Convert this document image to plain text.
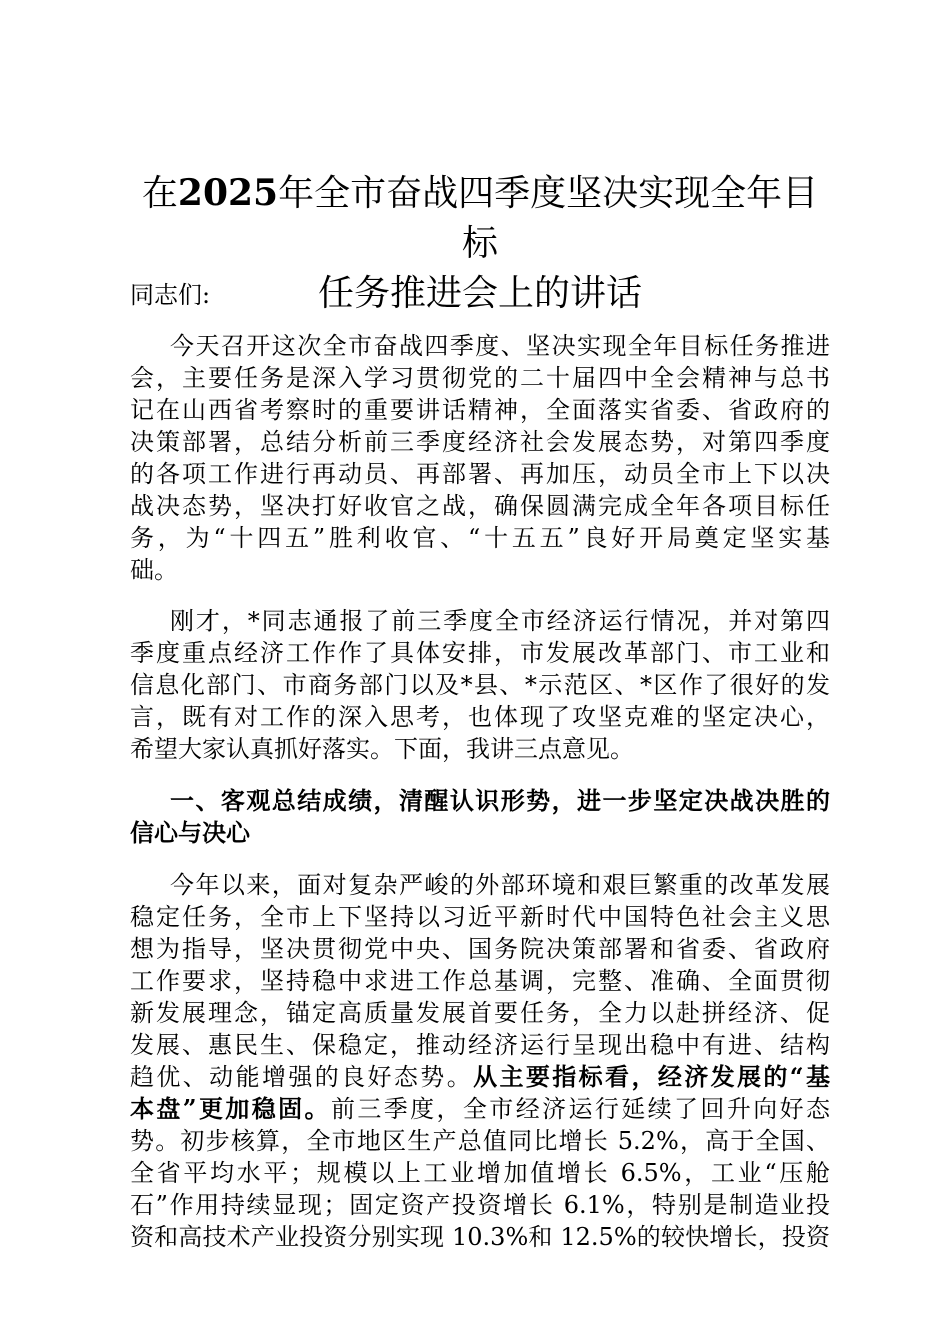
在2025年全市奋战四季度坚决实现全年目标
任务推进会上的讲话

同志们:

今天召开这次全市奋战四季度、坚决实现全年目标任务推进

会，主要任务是深入学习贯彻党的二十届四中全会精神与总书

记在山西省考察时的重要讲话精神，全面落实省委、省政府的

决策部署，总结分析前三季度经济社会发展态势，对第四季度

的各项工作进行再动员、再部署、再加压，动员全市上下以决

战决态势，坚决打好收官之战，确保圆满完成全年各项目标任

务，为“十四五”胜利收官、“十五五”良好开局奠定坚实基

础。

刚才，*同志通报了前三季度全市经济运行情况，并对第四

季度重点经济工作作了具体安排，市发展改革部门、市工业和

信息化部门、市商务部门以及*县、*示范区、*区作了很好的发

言，既有对工作的深入思考，也体现了攻坚克难的坚定决心，

希望大家认真抓好落实。下面，我讲三点意见。

一、客观总结成绩，清醒认识形势，进一步坚定决战决胜的

信心与决心

今年以来，面对复杂严峻的外部环境和艰巨繁重的改革发展

稳定任务，全市上下坚持以习近平新时代中国特色社会主义思

想为指导，坚决贯彻党中央、国务院决策部署和省委、省政府

工作要求，坚持稳中求进工作总基调，完整、准确、全面贯彻

新发展理念，锚定高质量发展首要任务，全力以赴拼经济、促

发展、惠民生、保稳定，推动经济运行呈现出稳中有进、结构

趋优、动能增强的良好态势。从主要指标看，经济发展的“基

本盘”更加稳固。前三季度，全市经济运行延续了回升向好态

势。初步核算，全市地区生产总值同比增长 5.2%，高于全国、

全省平均水平；规模以上工业增加值增长 6.5%，工业“压舱

石”作用持续显现；固定资产投资增长 6.1%，特别是制造业投

资和高技术产业投资分别实现 10.3%和 12.5%的较快增长，投资
